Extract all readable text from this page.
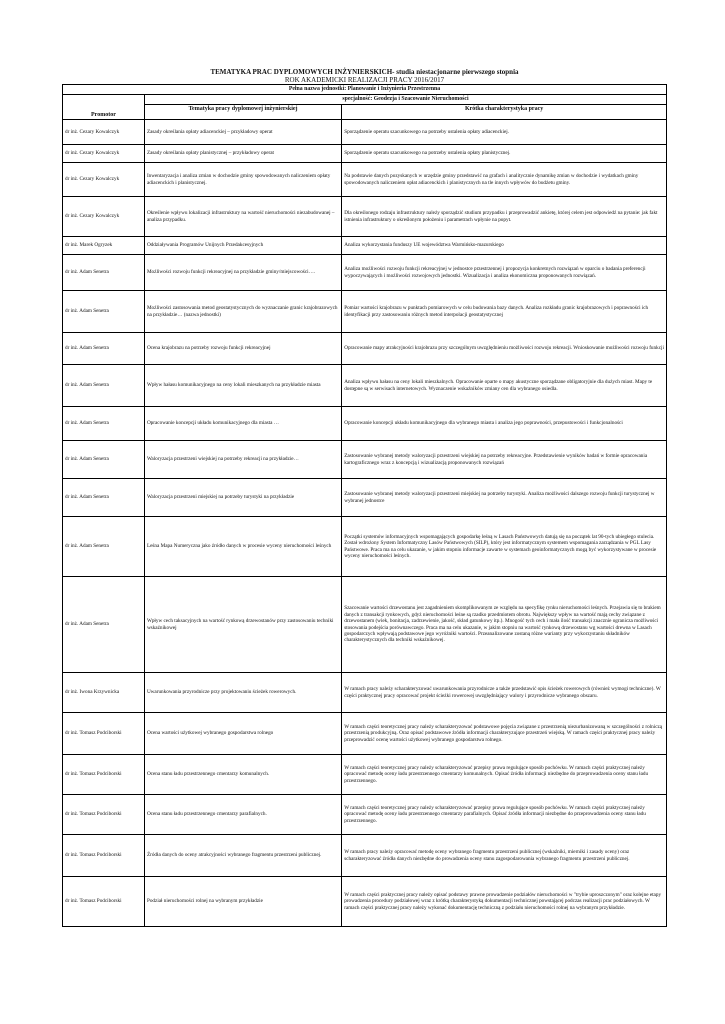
TEMATYKA PRAC DYPLOMOWYCH INŻYNIERSKICH- studia niestacjonarne pierwszego stopnia
ROK AKADEMICKI REALIZACJI PRACY 2016/2017
Pełna nazwa jednostki: Planowanie i Inżynieria Przestrzenna		
Promotor	specjalność: Geodezja i Szacowanie Nieruchomości	
	Tematyka pracy dyplomowej inżynierskiej	Krótka charakterystyka pracy
dr inż. Cezary Kowalczyk	Zasady określania opłaty adiacenckiej – przykładowy operat	Sporządzenie operatu szacunkowego na potrzeby ustalenia opłaty adiacenckiej.
dr inż. Cezary Kowalczyk	Zasady określania opłaty planistycznej – przykładowy operat	Sporządzenie operatu szacunkowego na potrzeby ustalenia opłaty planistycznej.
dr inż. Cezary Kowalczyk	Inwentaryzacja i analiza zmian w dochodzie gminy spowodowanych naliczeniem opłaty adiacenckich i planistycznej.	Na podstawie danych pozyskanych w urzędzie gminy przedstawić na grafach i analitycznie dynamikę zmian w dochodzie i wydatkach gminy spowodowanych naliczeniem opłat adiacenckich i planistycznych na tle innych wpływów do budżetu gminy.
dr inż. Cezary Kowalczyk	Określenie wpływu lokalizacji infrastruktury na wartość nieruchomości niezabudowanej – analiza przypadku.	Dla określonego rodzaju infrastruktury należy sporządzić studium przypadku i przeprowadzić ankietę, której celem jest odpowiedź na pytanie: jak fakt istnienia infrastruktury o określonym położeniu i parametrach wpłynie na popyt.
dr inż. Marek Ogryzek	Oddziaływania Programów Unijnych Przedakcesyjnych	Analiza wykorzystania funduszy UE województwa Warmińsko-mazurskiego
dr inż. Adam Senetra	Możliwości rozwoju funkcji rekreacyjnej na przykładzie gminy/miejscowości….	Analiza możliwości rozwoju funkcji rekreacyjnej w jednostce przestrzennej i propozycja konkretnych rozwiązań w oparciu o badania preferencji wypoczywających i możliwości rozwojowych jednostki. Wizualizacja i analiza ekonomiczna proponowanych rozwiązań.
dr inż. Adam Senetra	Możliwości zastosowania metod geostatystycznych do wyznaczanie granic krajobrazowych na przykładzie… (nazwa jednostki)	Pomiar wartości krajobrazu w punktach pomiarowych w celu budowania bazy danych. Analiza rozkładu granic krajobrazowych i poprawności ich identyfikacji przy zastosowaniu różnych metod interpolacji geostatystycznej
dr inż. Adam Senetra	Ocena krajobrazu na potrzeby rozwoju funkcji rekreacyjnej	Opracowanie mapy atrakcyjności krajobrazu przy szczególnym uwzględnieniu możliwości rozwoju rekreacji. Wnioskowanie możliwości rozwoju funkcji
dr inż. Adam Senetra	Wpływ hałasu komunikacyjnego na ceny lokali mieszkanych na przykładzie miasta	Analiza wpływu hałasu na ceny lokali mieszkalnych. Opracowanie oparte o mapy akustyczne sporządzane obligatoryjnie dla dużych miast. Mapy te dostępne są w serwisach internetowych. Wyznaczenie wskaźników zmiany cen dla wybranego osiedla.
dr inż. Adam Senetra	Opracowanie koncepcji układu komunikacyjnego dla miasta …	Opracowanie koncepcji układu komunikacyjnego dla wybranego miasta i analiza jego poprawności, przepustowości i funkcjonalności
dr inż. Adam Senetra	Waloryzacja przestrzeni wiejskiej na potrzeby rekreacji na przykładzie…	Zastosowanie wybranej metody waloryzacji przestrzeni wiejskiej na potrzeby rekreacyjne. Przedstawienie wyników badań w formie opracowania kartograficznego wraz z koncepcją i wizualizacją proponowanych rozwiązań
dr inż. Adam Senetra	Waloryzacja przestrzeni miejskiej na potrzeby turystyki na przykładzie	Zastosowanie wybranej metody waloryzacji przestrzeni miejskiej na potrzeby turystyki. Analiza możliwości dalszego rozwoju funkcji turystycznej w wybranej jednostce
dr inż. Adam Senetra	Leśna Mapa Numeryczna jako źródło danych w procesie wyceny nieruchomości leśnych	Początki systemów informacyjnych wspomagających gospodarkę leśną w Lasach Państwowych datują się na początek lat 90-tych ubiegłego stulecia. Został wdrożony System Informatyczny Lasów Państwowych (SILP), który jest informatycznym systemem wspomagania zarządzania w PGL Lasy Państwowe. Praca ma na celu ukazanie, w jakim stopniu informacje zawarte w systemach geoinformatycznych mogą być wykorzystywane w procesie wyceny nieruchomości leśnych.
dr inż. Adam Senetra	Wpływ cech taksacyjnych na wartość rynkową drzewostanów przy zastosowaniu techniki wskaźnikowej	Szacowanie wartości drzewostanu jest zagadnieniem skomplikowanym ze względu na specyfikę rynku nieruchomości leśnych. Przejawia się to brakiem danych z transakcji rynkowych, gdyż nieruchomości leśne są rzadko przedmiotem obrotu. Największy wpływ na wartość mają cechy związane z drzewostanem (wiek, bonitacja, zadrzewienie, jakość, skład gatunkowy itp.). Mnogość tych cech i mała ilość transakcji znacznie ogranicza możliwości stosowania podejścia porównawczego. Praca ma na celu ukazanie, w jakim stopniu na wartość rynkową drzewostanu wg wartości drewna w Lasach gospodarczych wpływają podstawowe jego wyróżniki wartości. Przeanalizowane zostaną różne warianty przy wykorzystaniu składników charakterystycznych dla techniki wskaźnikowej.
dr inż. Iwona Krzywnicka	Uwarunkowania przyrodnicze przy projektowaniu ścieżek rowerowych.	W ramach pracy należy scharakteryzować uwarunkowania przyrodnicze a także przedstawić opis ścieżek rowerowych (również wymogi techniczne). W części praktycznej pracy opracować projekt ścieżki rowerowej uwzględniający walory i przyrodnicze wybranego obszaru.
dr inż. Tomasz Podciborski	Ocena wartości użytkowej wybranego gospodarstwa rolnego	W ramach części teoretycznej pracy należy scharakteryzować podstawowe pojęcia związane z przestrzenią niezurbanizowaną w szczególności z rolniczą przestrzenią produkcyjną. Oraz opisać podstawowe źródła informacji charakteryzujące przestrzeń wiejską. W ramach części praktycznej pracy należy przeprowadzić ocenę wartości użytkowej wybranego gospodarstwa rolnego.
dr inż. Tomasz Podciborski	Ocena stanu ładu przestrzennego cmentarzy komunalnych.	W ramach części teoretycznej pracy należy scharakteryzować przepisy prawa regulujące sposób pochówku. W ramach części praktycznej należy opracować metodę oceny ładu przestrzennego cmentarzy komunalnych. Opisać źródła informacji niezbędne do przeprowadzenia oceny stanu ładu przestrzennego.
dr inż. Tomasz Podciborski	Ocena stanu ładu przestrzennego cmentarzy parafialnych.	W ramach części teoretycznej pracy należy scharakteryzować przepisy prawa regulujące sposób pochówku. W ramach części praktycznej należy opracować metodę oceny ładu przestrzennego cmentarzy parafialnych. Opisać źródła informacji niezbędne do przeprowadzenia oceny stanu ładu przestrzennego.
dr inż. Tomasz Podciborski	Źródła danych do oceny atrakcyjności wybranego fragmentu przestrzeni publicznej.	W ramach pracy należy opracować metodę oceny wybranego fragmentu przestrzeni publicznej (wskaźniki, mierniki i zasady oceny) oraz scharakteryzować źródła danych niezbędne do prowadzenia oceny stanu zagospodarowania wybranego fragmentu przestrzeni publicznej.
dr inż. Tomasz Podciborski	Podział nieruchomości rolnej na wybranym przykładzie	W ramach części praktycznej pracy należy opisać podstawy prawne prowadzenie podziałów nieruchomości w "trybie uproszczonym" oraz kolejne etapy prowadzenia procedury podziałowej wraz z krótką charakterystyką dokumentacji technicznej powstającej podczas realizacji prac podziałowych. W ramach części praktycznej pracy należy wykonać dokumentację techniczną z podziału nieruchomości rolnej na wybranym przykładzie.
